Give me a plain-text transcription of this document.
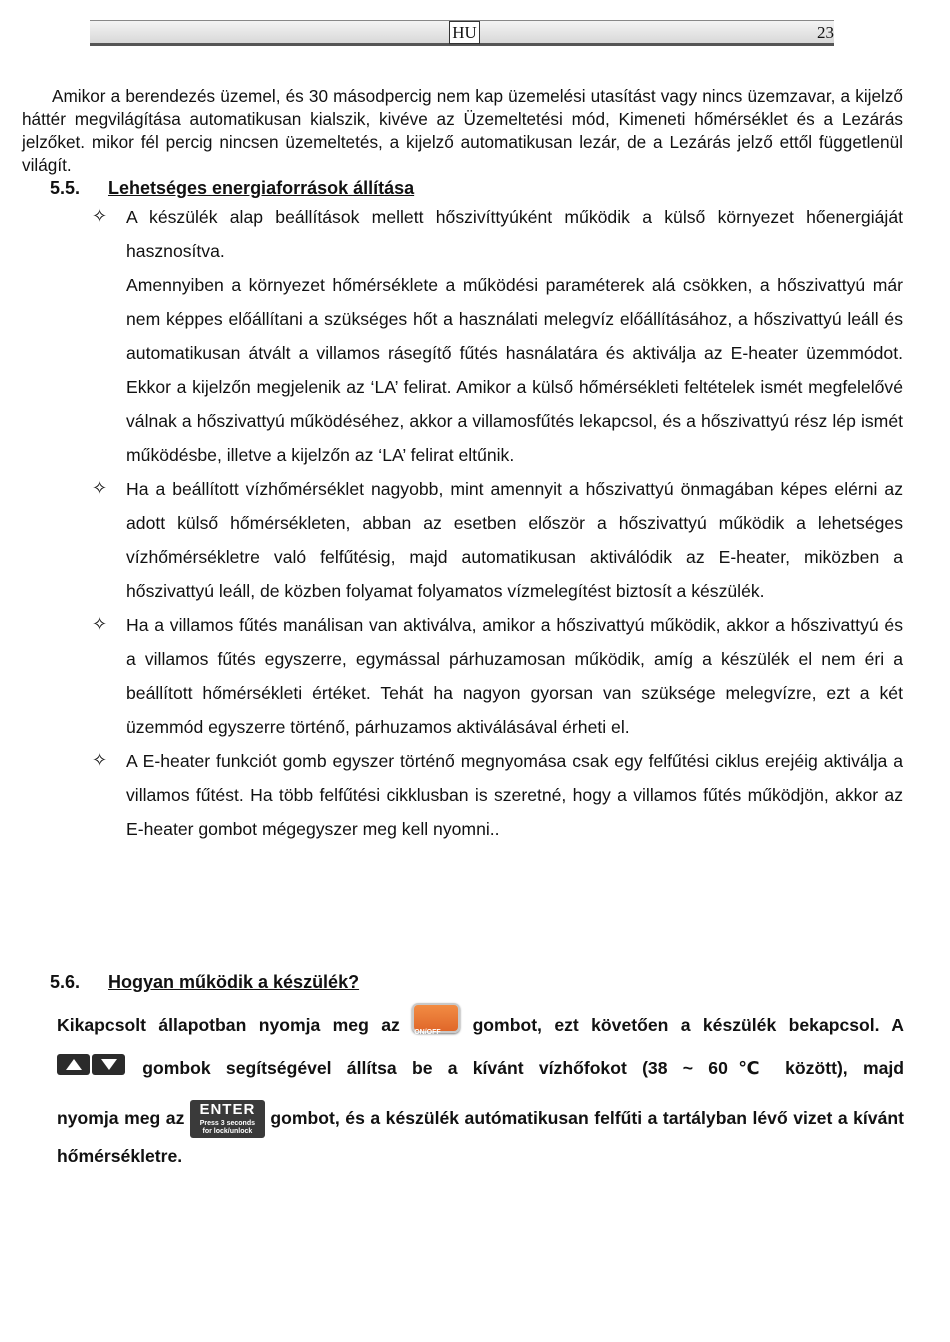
HU	23

Amikor a berendezés üzemel, és 30 másodpercig nem kap üzemelési utasítást vagy nincs üzemzavar, a kijelző háttér megvilágítása automatikusan kialszik, kivéve az Üzemeltetési mód, Kimeneti hőmérséklet és a Lezárás jelzőket. mikor fél percig nincsen üzemeltetés, a kijelző automatikusan lezár, de a Lezárás jelző ettől függetlenül világít.

5.5. Lehetséges energiaforrások állítása
✧ A készülék alap beállítások mellett hőszivíttyúként működik a külső környezet hőenergiáját hasznosítva.

Amennyiben a környezet hőmérséklete a működési paraméterek alá csökken, a hőszivattyú már nem képpes előállítani a szükséges hőt a használati melegvíz előállításához, a hőszivattyú leáll és automatikusan átvált a villamos rásegítő fűtés hasnálatára és aktiválja az E-heater üzemmódot. Ekkor a kijelzőn megjelenik az ‘LA’ felirat. Amikor a külső hőmérsékleti feltételek ismét megfelelővé válnak a hőszivattyú működéséhez, akkor a villamosfűtés lekapcsol, és a hőszivattyú rész lép ismét működésbe, illetve a kijelzőn az ‘LA’ felirat eltűnik.

✧ Ha a beállított vízhőmérséklet nagyobb, mint amennyit a hőszivattyú önmagában képes elérni az adott külső hőmérsékleten, abban az esetben először a hőszivattyú működik a lehetséges vízhőmérsékletre való felfűtésig, majd automatikusan aktiválódik az E-heater, miközben a hőszivattyú leáll, de közben folyamat folyamatos vízmelegítést biztosít a készülék.

✧ Ha a villamos fűtés manálisan van aktiválva, amikor a hőszivattyú működik, akkor a hőszivattyú és a villamos fűtés egyszerre, egymással párhuzamosan működik, amíg a készülék el nem éri a beállított hőmérsékleti értéket. Tehát ha nagyon gyorsan van szüksége melegvízre, ezt a két üzemmód egyszerre történő, párhuzamos aktiválásával érheti el.

✧ A E-heater funkciót gomb egyszer történő megnyomása csak egy felfűtési ciklus erejéig aktiválja a villamos fűtést. Ha több felfűtési cikklusban is szeretné, hogy a villamos fűtés működjön, akkor az E-heater gombot mégegyszer meg kell nyomni..

5.6. Hogyan működik a készülék?
Kikapcsolt állapotban nyomja meg az ON/OFF	gombot, ezt követően a készülék bekapcsol. A
gombok segítségével állítsa be a kívánt vízhőfokot (38 ~ 60℃ között), majd
nyomja meg az	ENTER
Press 3 seconds
for lock/unlock
gombot, és a készülék autómatikusan felfűti a tartályban lévő vizet a kívánt hőmérsékletre.
